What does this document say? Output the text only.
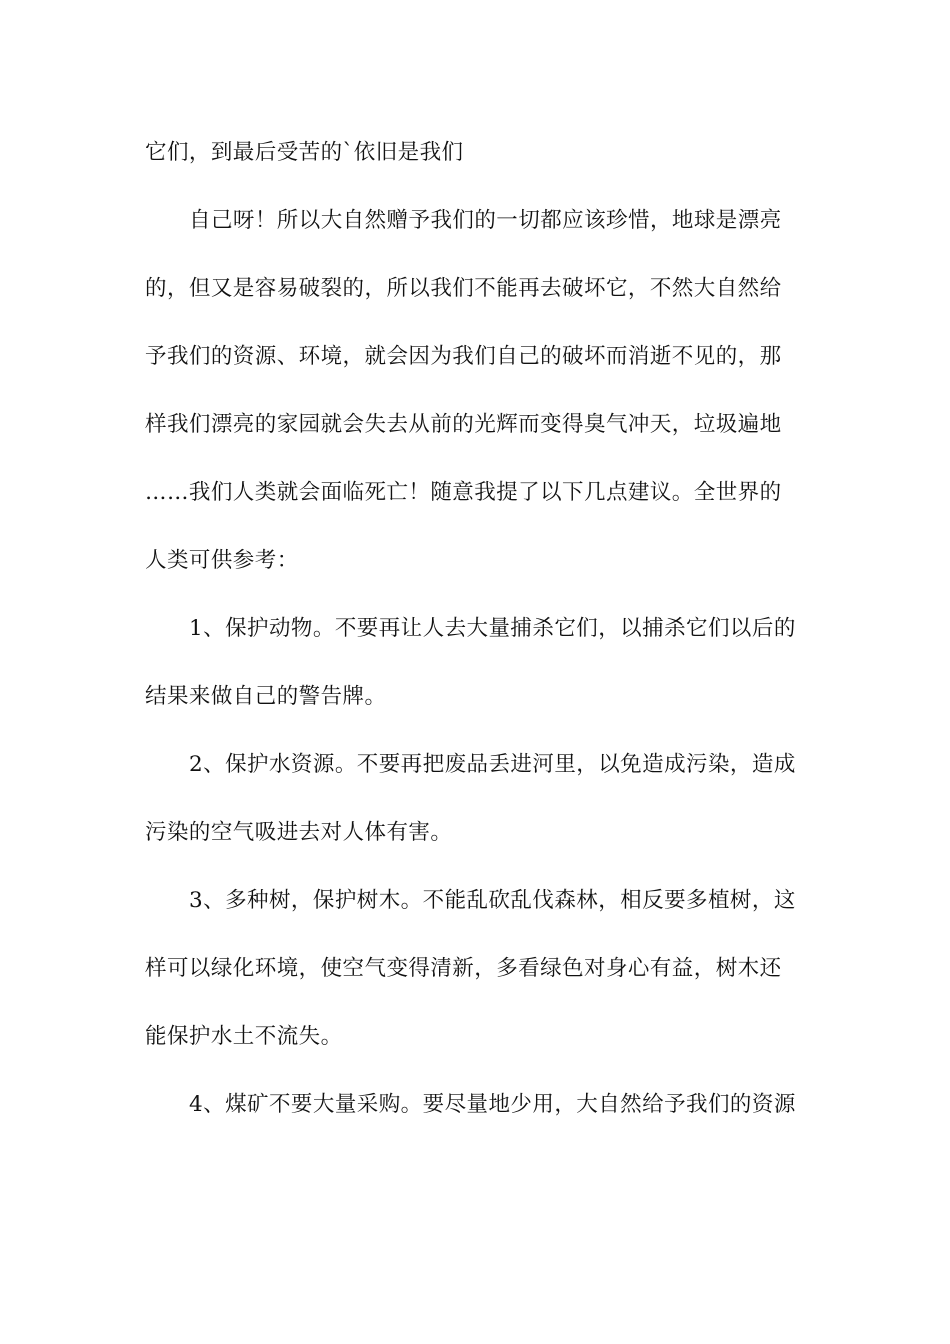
它们，到最后受苦的`依旧是我们
自己呀！所以大自然赠予我们的一切都应该珍惜，地球是漂亮
的，但又是容易破裂的，所以我们不能再去破坏它，不然大自然给
予我们的资源、环境，就会因为我们自己的破坏而消逝不见的，那
样我们漂亮的家园就会失去从前的光辉而变得臭气冲天，垃圾遍地
……我们人类就会面临死亡！随意我提了以下几点建议。全世界的
人类可供参考：
1、保护动物。不要再让人去大量捕杀它们，以捕杀它们以后的
结果来做自己的警告牌。
2、保护水资源。不要再把废品丢进河里，以免造成污染，造成
污染的空气吸进去对人体有害。
3、多种树，保护树木。不能乱砍乱伐森林，相反要多植树，这
样可以绿化环境，使空气变得清新，多看绿色对身心有益，树木还
能保护水土不流失。
4、煤矿不要大量采购。要尽量地少用，大自然给予我们的资源
